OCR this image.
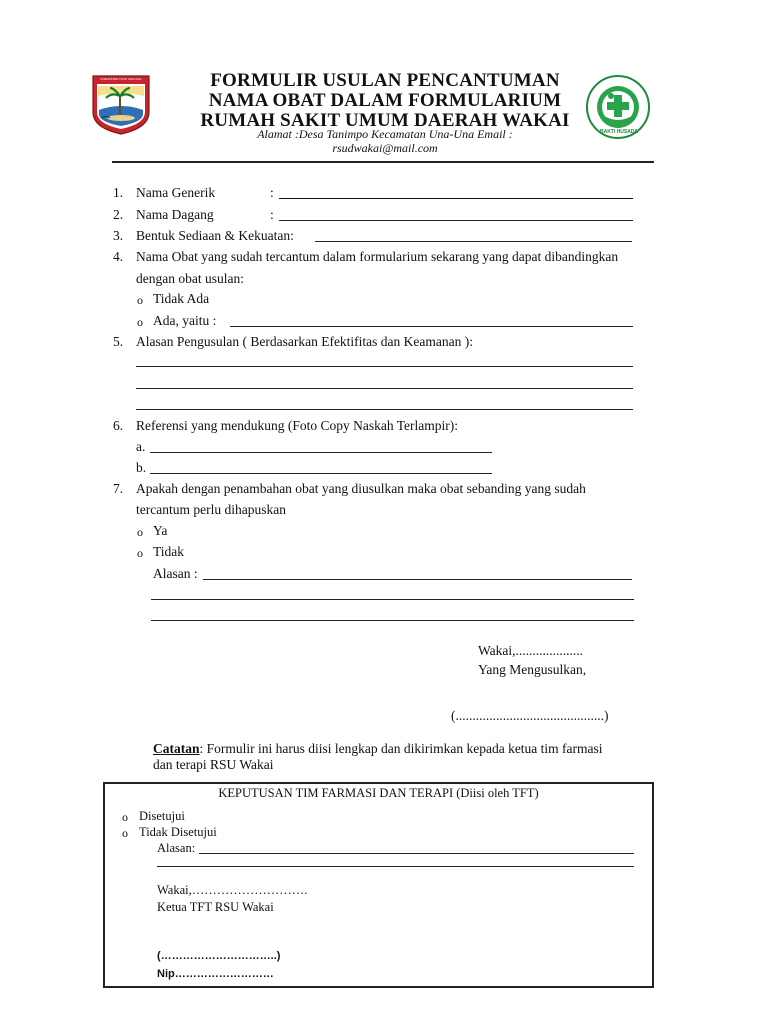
KABUPATEN TOJO UNA-UNA
BAKTI HUSADA
FORMULIR USULAN PENCANTUMAN
NAMA OBAT DALAM FORMULARIUM
RUMAH SAKIT UMUM DAERAH WAKAI
Alamat :Desa Tanimpo Kecamatan Una-Una Email :
rsudwakai@mail.com
1. Nama Generik	:
2. Nama Dagang	:
3. Bentuk Sediaan & Kekuatan:
4. Nama Obat yang sudah tercantum dalam formularium sekarang yang dapat dibandingkan
dengan obat usulan:
o Tidak Ada
o Ada, yaitu :
5. Alasan Pengusulan ( Berdasarkan Efektifitas dan Keamanan ):
6. Referensi yang mendukung (Foto Copy Naskah Terlampir):
a.
b.
7. Apakah dengan penambahan obat yang diusulkan maka obat sebanding yang sudah
tercantum perlu dihapuskan
o Ya
o Tidak
Alasan :
Wakai,....................
Yang Mengusulkan,
(............................................)
Catatan: Formulir ini harus diisi lengkap dan dikirimkan kepada ketua tim farmasi
dan terapi RSU Wakai
KEPUTUSAN TIM FARMASI DAN TERAPI (Diisi oleh TFT)
o Disetujui
o Tidak Disetujui
Alasan:
Wakai,……………………….
Ketua TFT RSU Wakai
(…………………………..)
Nip………………………
